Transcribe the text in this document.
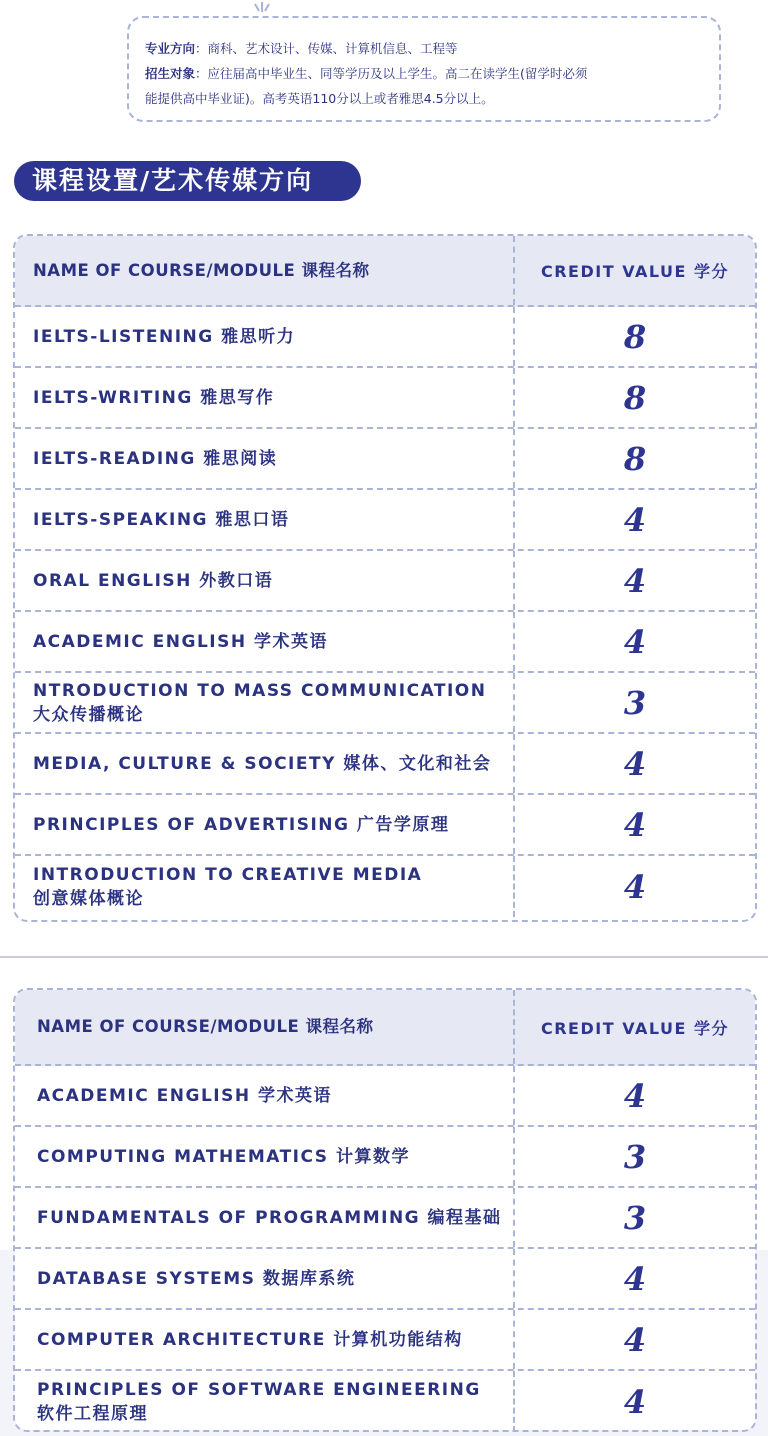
专业方向：商科、艺术设计、传媒、计算机信息、工程等
招生对象：应往届高中毕业生、同等学历及以上学生。高二在读学生(留学时必须
能提供高中毕业证)。高考英语110分以上或者雅思4.5分以上。
课程设置/艺术传媒方向
NAME OF COURSE/MODULE 课程名称	CREDIT VALUE 学分
IELTS-LISTENING 雅思听力	8
IELTS-WRITING 雅思写作	8
IELTS-READING 雅思阅读	8
IELTS-SPEAKING 雅思口语	4
ORAL ENGLISH 外教口语	4
ACADEMIC ENGLISH 学术英语	4
NTRODUCTION TO MASS COMMUNICATION
大众传播概论	3
MEDIA, CULTURE & SOCIETY 媒体、文化和社会	4
PRINCIPLES OF ADVERTISING 广告学原理	4
INTRODUCTION TO CREATIVE MEDIA
创意媒体概论	4
NAME OF COURSE/MODULE 课程名称	CREDIT VALUE 学分
ACADEMIC ENGLISH 学术英语	4
COMPUTING MATHEMATICS 计算数学	3
FUNDAMENTALS OF PROGRAMMING 编程基础	3
DATABASE SYSTEMS 数据库系统	4
COMPUTER ARCHITECTURE 计算机功能结构	4
PRINCIPLES OF SOFTWARE ENGINEERING
软件工程原理	4
